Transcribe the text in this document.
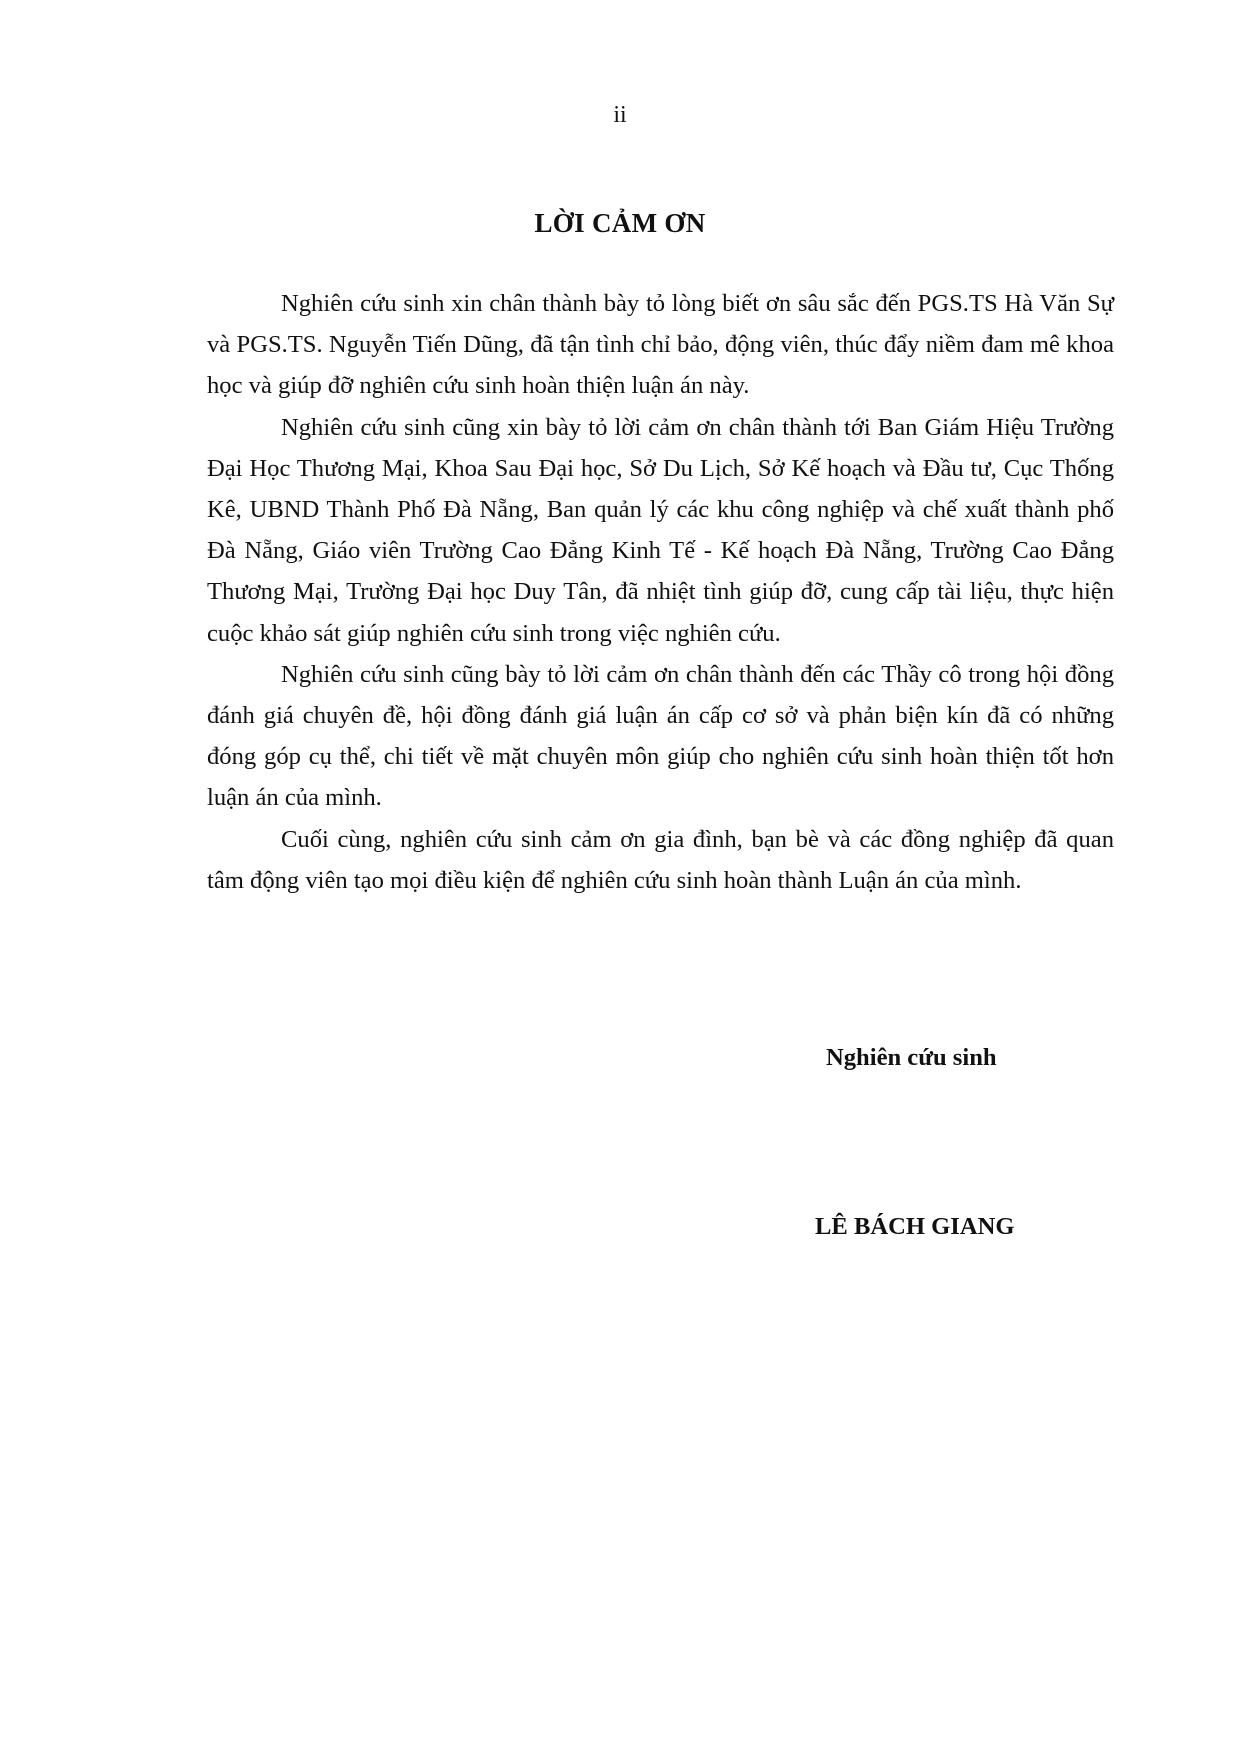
ii
LỜI CẢM ƠN

Nghiên cứu sinh xin chân thành bày tỏ lòng biết ơn sâu sắc đến PGS.TS Hà Văn Sự và PGS.TS. Nguyễn Tiến Dũng, đã tận tình chỉ bảo, động viên, thúc đẩy niềm đam mê khoa học và giúp đỡ nghiên cứu sinh hoàn thiện luận án này.

Nghiên cứu sinh cũng xin bày tỏ lời cảm ơn chân thành tới Ban Giám Hiệu Trường Đại Học Thương Mại, Khoa Sau Đại học, Sở Du Lịch, Sở Kế hoạch và Đầu tư, Cục Thống Kê, UBND Thành Phố Đà Nẵng, Ban quản lý các khu công nghiệp và chế xuất thành phố Đà Nẵng, Giáo viên Trường Cao Đẳng Kinh Tế - Kế hoạch Đà Nẵng, Trường Cao Đẳng Thương Mại, Trường Đại học Duy Tân, đã nhiệt tình giúp đỡ, cung cấp tài liệu, thực hiện cuộc khảo sát giúp nghiên cứu sinh trong việc nghiên cứu.

Nghiên cứu sinh cũng bày tỏ lời cảm ơn chân thành đến các Thầy cô trong hội đồng đánh giá chuyên đề, hội đồng đánh giá luận án cấp cơ sở và phản biện kín đã có những đóng góp cụ thể, chi tiết về mặt chuyên môn giúp cho nghiên cứu sinh hoàn thiện tốt hơn luận án của mình.

Cuối cùng, nghiên cứu sinh cảm ơn gia đình, bạn bè và các đồng nghiệp đã quan tâm động viên tạo mọi điều kiện để nghiên cứu sinh hoàn thành Luận án của mình.

Nghiên cứu sinh
LÊ BÁCH GIANG
